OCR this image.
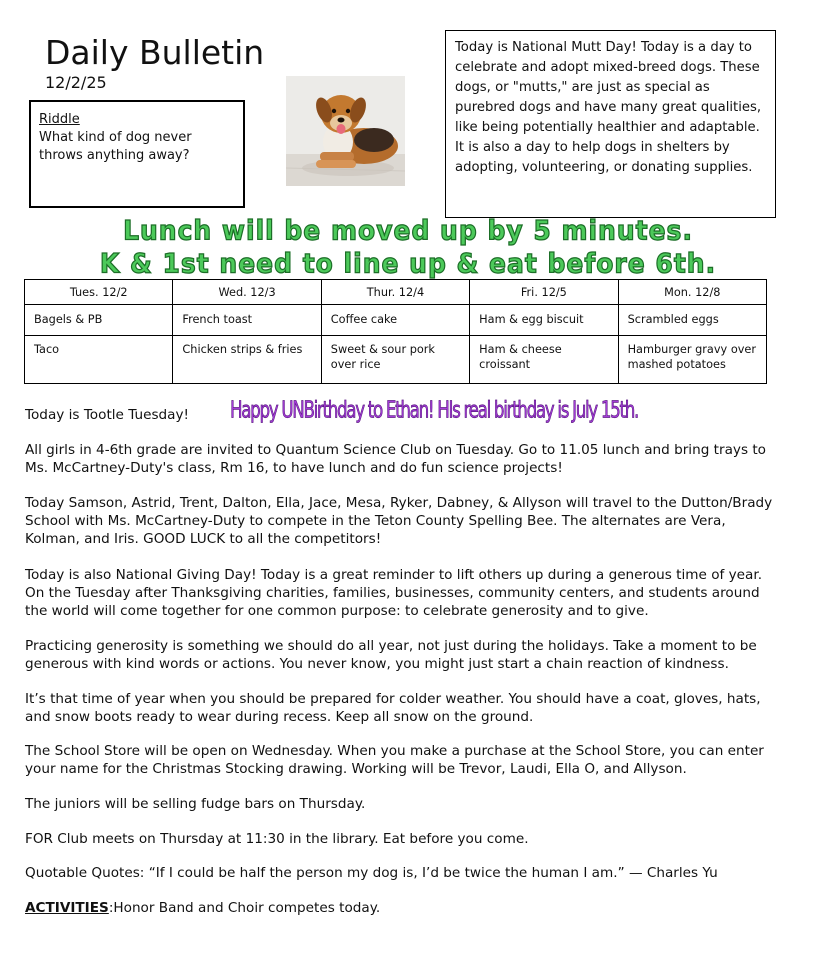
Daily Bulletin
12/2/25
Riddle
What kind of dog never throws anything away?
Today is National Mutt Day! Today is a day to celebrate and adopt mixed-breed dogs. These dogs, or "mutts," are just as special as purebred dogs and have many great qualities, like being potentially healthier and adaptable. It is also a day to help dogs in shelters by adopting, volunteering, or donating supplies.
Lunch will be moved up by 5 minutes.
K & 1st need to line up & eat before 6th.
Tues. 12/2	Wed. 12/3	Thur. 12/4	Fri. 12/5	Mon. 12/8
Bagels & PB	French toast	Coffee cake	Ham & egg biscuit	Scrambled eggs
Taco	Chicken strips & fries	Sweet & sour pork over rice	Ham & cheese croissant	Hamburger gravy over mashed potatoes
Today is Tootle Tuesday!	Happy UNBirthday to Ethan! HIs real birthday is July 15th.
All girls in 4-6th grade are invited to Quantum Science Club on Tuesday. Go to 11.05 lunch and bring trays to Ms. McCartney-Duty's class, Rm 16, to have lunch and do fun science projects!
Today Samson, Astrid, Trent, Dalton, Ella, Jace, Mesa, Ryker, Dabney, & Allyson will travel to the Dutton/Brady School with Ms. McCartney-Duty to compete in the Teton County Spelling Bee. The alternates are Vera, Kolman, and Iris. GOOD LUCK to all the competitors!
Today is also National Giving Day! Today is a great reminder to lift others up during a generous time of year. On the Tuesday after Thanksgiving charities, families, businesses, community centers, and students around the world will come together for one common purpose: to celebrate generosity and to give.
Practicing generosity is something we should do all year, not just during the holidays. Take a moment to be generous with kind words or actions. You never know, you might just start a chain reaction of kindness.
It’s that time of year when you should be prepared for colder weather. You should have a coat, gloves, hats, and snow boots ready to wear during recess. Keep all snow on the ground.
The School Store will be open on Wednesday. When you make a purchase at the School Store, you can enter your name for the Christmas Stocking drawing. Working will be Trevor, Laudi, Ella O, and Allyson.
The juniors will be selling fudge bars on Thursday.
FOR Club meets on Thursday at 11:30 in the library. Eat before you come.
Quotable Quotes: “If I could be half the person my dog is, I’d be twice the human I am.” — Charles Yu
ACTIVITIES:Honor Band and Choir competes today.
